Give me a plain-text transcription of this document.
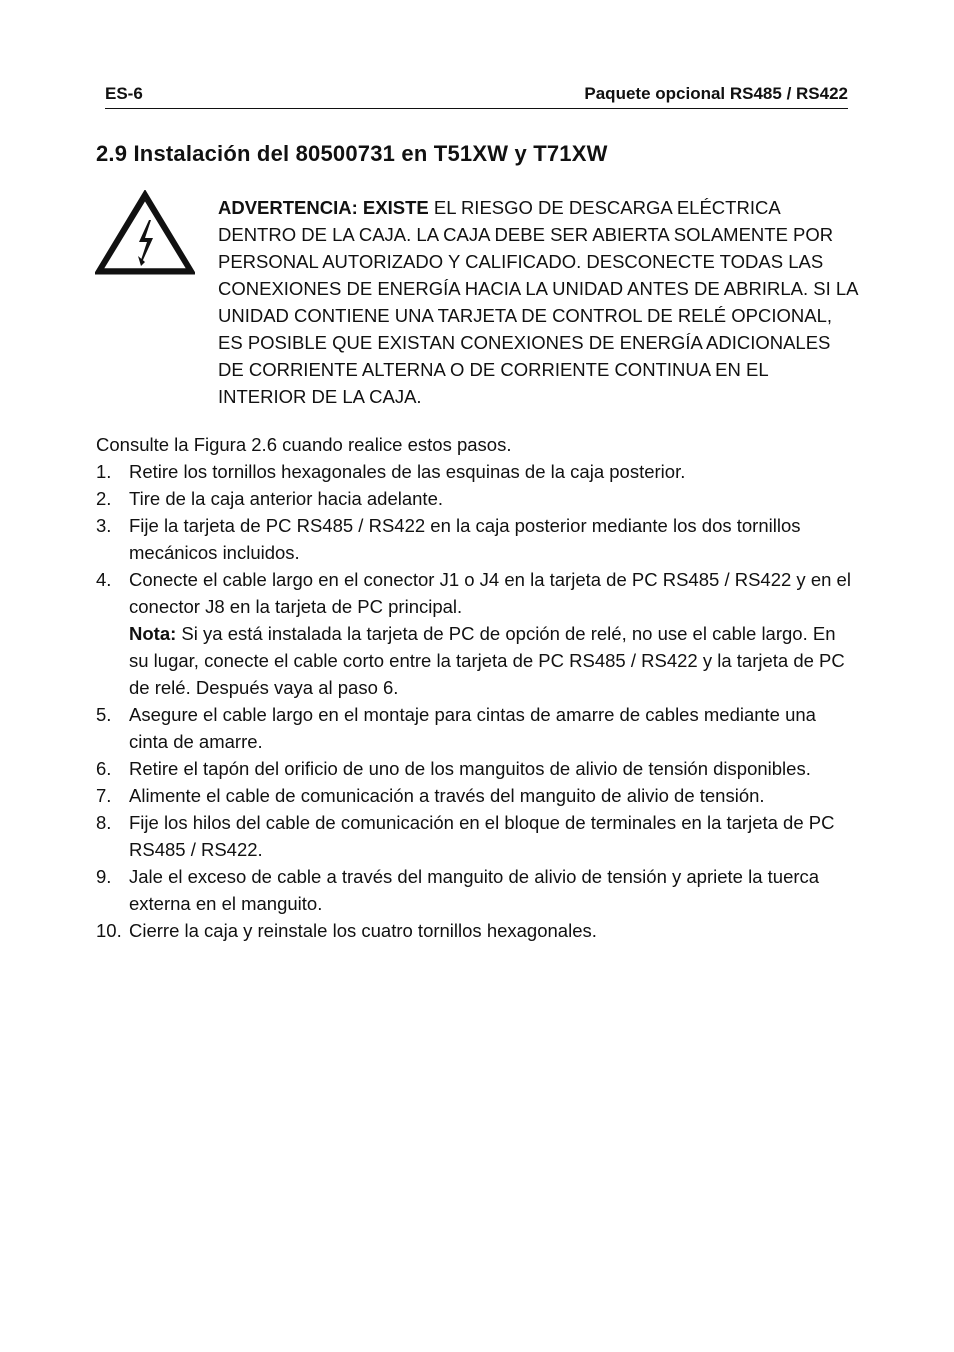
ES-6	Paquete opcional RS485 / RS422
2.9 Instalación del 80500731 en T51XW y T71XW
ADVERTENCIA: EXISTE EL RIESGO DE DESCARGA ELÉCTRICA DENTRO DE LA CAJA. LA CAJA DEBE SER ABIERTA SOLAMENTE POR PERSONAL AUTORIZADO Y CALIFICADO. DESCONECTE TODAS LAS CONEXIONES DE ENERGÍA HACIA LA UNIDAD ANTES DE ABRIRLA. SI LA UNIDAD CONTIENE UNA TARJETA DE CONTROL DE RELÉ OPCIONAL, ES POSIBLE QUE EXISTAN CONEXIONES DE ENERGÍA ADICIONALES DE CORRIENTE ALTERNA O DE CORRIENTE CONTINUA EN EL INTERIOR DE LA CAJA.
Consulte la Figura 2.6 cuando realice estos pasos.
1. Retire los tornillos hexagonales de las esquinas de la caja posterior.
2. Tire de la caja anterior hacia adelante.
3. Fije la tarjeta de PC RS485 / RS422 en la caja posterior mediante los dos tornillos mecánicos incluidos.
4. Conecte el cable largo en el conector J1 o J4 en la tarjeta de PC RS485 / RS422 y en el conector J8 en la tarjeta de PC principal.
Nota: Si ya está instalada la tarjeta de PC de opción de relé, no use el cable largo. En su lugar, conecte el cable corto entre la tarjeta de PC RS485 / RS422 y la tarjeta de PC de relé. Después vaya al paso 6.
5. Asegure el cable largo en el montaje para cintas de amarre de cables mediante una cinta de amarre.
6. Retire el tapón del orificio de uno de los manguitos de alivio de tensión disponibles.
7. Alimente el cable de comunicación a través del manguito de alivio de tensión.
8. Fije los hilos del cable de comunicación en el bloque de terminales en la tarjeta de PC RS485 / RS422.
9. Jale el exceso de cable a través del manguito de alivio de tensión y apriete la tuerca externa en el manguito.
10. Cierre la caja y reinstale los cuatro tornillos hexagonales.
